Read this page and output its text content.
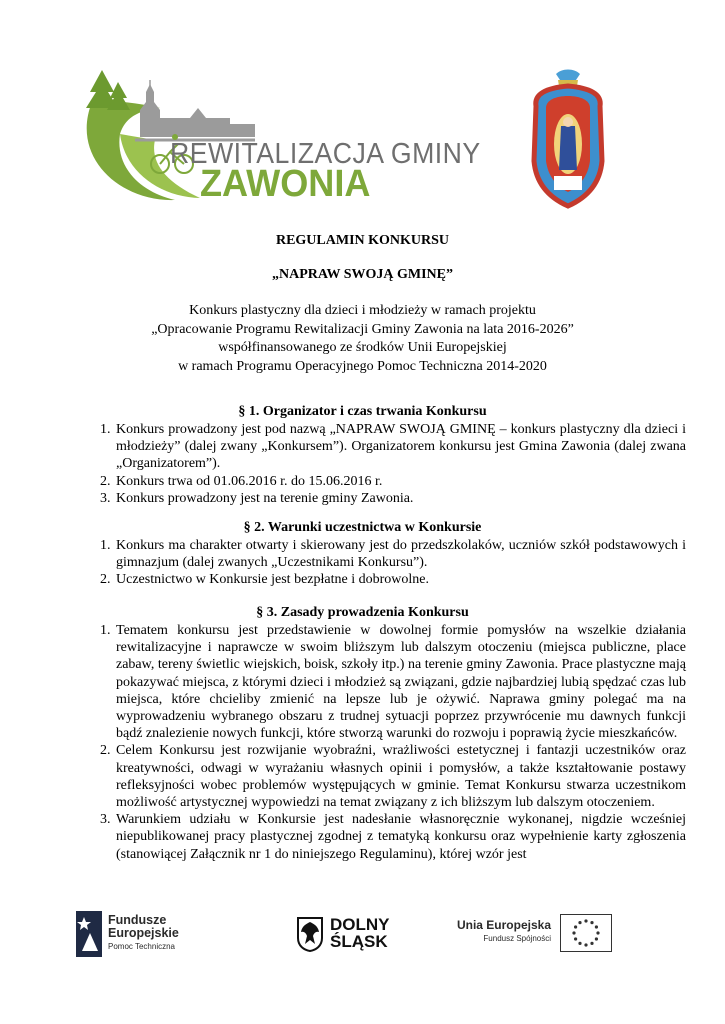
REWITALIZACJA GMINY
ZAWONIA
REGULAMIN KONKURSU
„NAPRAW SWOJĄ GMINĘ”
Konkurs plastyczny dla dzieci i młodzieży w ramach projektu
„Opracowanie Programu Rewitalizacji Gminy Zawonia na lata 2016-2026”
współfinansowanego ze środków Unii Europejskiej
w ramach Programu Operacyjnego Pomoc Techniczna 2014-2020
§ 1. Organizator i czas trwania Konkursu
1. Konkurs prowadzony jest pod nazwą „NAPRAW SWOJĄ GMINĘ – konkurs plastyczny dla dzieci i młodzieży” (dalej zwany „Konkursem”). Organizatorem konkursu jest Gmina Zawonia (dalej zwana „Organizatorem”).
2. Konkurs trwa od 01.06.2016 r. do 15.06.2016 r.
3. Konkurs prowadzony jest na terenie gminy Zawonia.
§ 2. Warunki uczestnictwa w Konkursie
1. Konkurs ma charakter otwarty i skierowany jest do przedszkolaków, uczniów szkół podstawowych i gimnazjum (dalej zwanych „Uczestnikami Konkursu”).
2. Uczestnictwo w Konkursie jest bezpłatne i dobrowolne.
§ 3. Zasady prowadzenia Konkursu
1. Tematem konkursu jest przedstawienie w dowolnej formie pomysłów na wszelkie działania rewitalizacyjne i naprawcze w swoim bliższym lub dalszym otoczeniu (miejsca publiczne, place zabaw, tereny świetlic wiejskich, boisk, szkoły itp.) na terenie gminy Zawonia. Prace plastyczne mają pokazywać miejsca, z którymi dzieci i młodzież są związani, gdzie najbardziej lubią spędzać czas lub miejsca, które chcieliby zmienić na lepsze lub je ożywić. Naprawa gminy polegać ma na wyprowadzeniu wybranego obszaru z trudnej sytuacji poprzez przywrócenie mu dawnych funkcji bądź znalezienie nowych funkcji, które stworzą warunki do rozwoju i poprawią życie mieszkańców.
2. Celem Konkursu jest rozwijanie wyobraźni, wrażliwości estetycznej i fantazji uczestników oraz kreatywności, odwagi w wyrażaniu własnych opinii i pomysłów, a także kształtowanie postawy refleksyjności wobec problemów występujących w gminie. Temat Konkursu stwarza uczestnikom możliwość artystycznej wypowiedzi na temat związany z ich bliższym lub dalszym otoczeniem.
3. Warunkiem udziału w Konkursie jest nadesłanie własnoręcznie wykonanej, nigdzie wcześniej niepublikowanej pracy plastycznej zgodnej z tematyką konkursu oraz wypełnienie karty zgłoszenia (stanowiącej Załącznik nr 1 do niniejszego Regulaminu), której wzór jest
Fundusze
Europejskie
Pomoc Techniczna
DOLNY
ŚLĄSK
Unia Europejska
Fundusz Spójności
